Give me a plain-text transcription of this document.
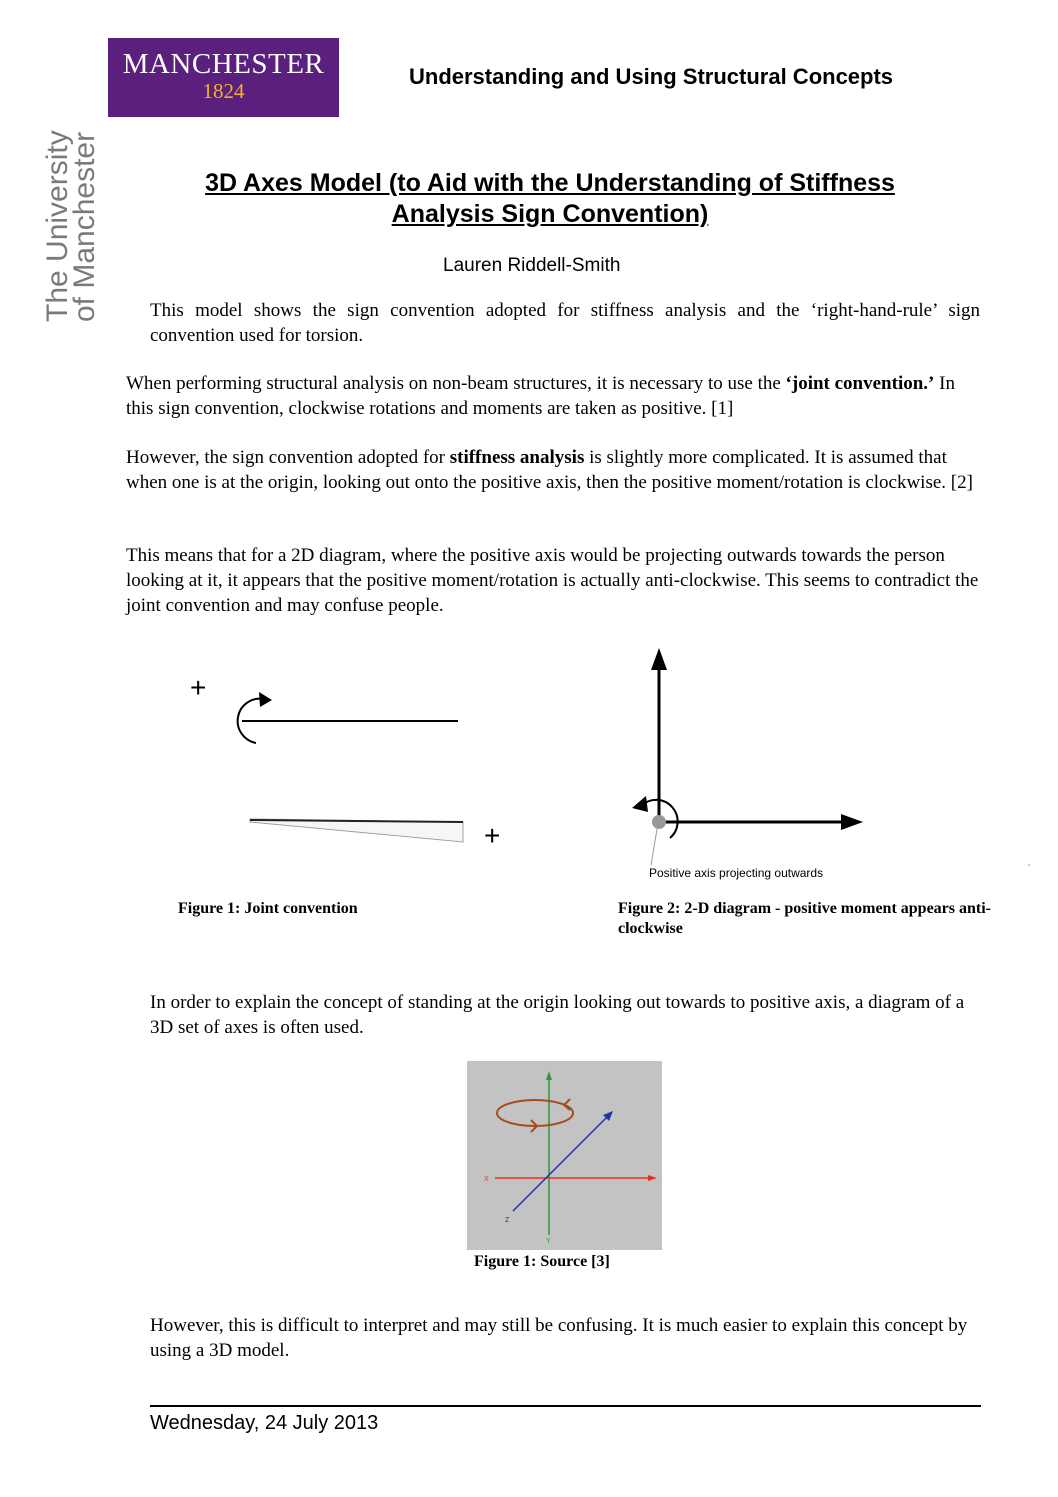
MANCHESTER
1824
The University
of Manchester
Understanding and Using Structural Concepts
3D Axes Model (to Aid with the Understanding of Stiffness
Analysis Sign Convention)
Lauren Riddell-Smith
This model shows the sign convention adopted for stiffness analysis and the ‘right-hand-rule’ sign convention used for torsion.
When performing structural analysis on non-beam structures, it is necessary to use the ‘joint convention.’ In this sign convention, clockwise rotations and moments are taken as positive. [1]
However, the sign convention adopted for stiffness analysis is slightly more complicated. It is assumed that when one is at the origin, looking out onto the positive axis, then the positive moment/rotation is clockwise. [2]
This means that for a 2D diagram, where the positive axis would be projecting outwards towards the person looking at it, it appears that the positive moment/rotation is actually anti-clockwise. This seems to contradict the joint convention and may confuse people.
+
+
Positive axis projecting outwards
Figure 1: Joint convention	Figure 2: 2-D diagram - positive moment appears anti-clockwise
In order to explain the concept of standing at the origin looking out towards to positive axis, a diagram of a 3D set of axes is often used.
X
Y
Z
Figure 1: Source [3]
However, this is difficult to interpret and may still be confusing. It is much easier to explain this concept by using a 3D model.
Wednesday, 24 July 2013
